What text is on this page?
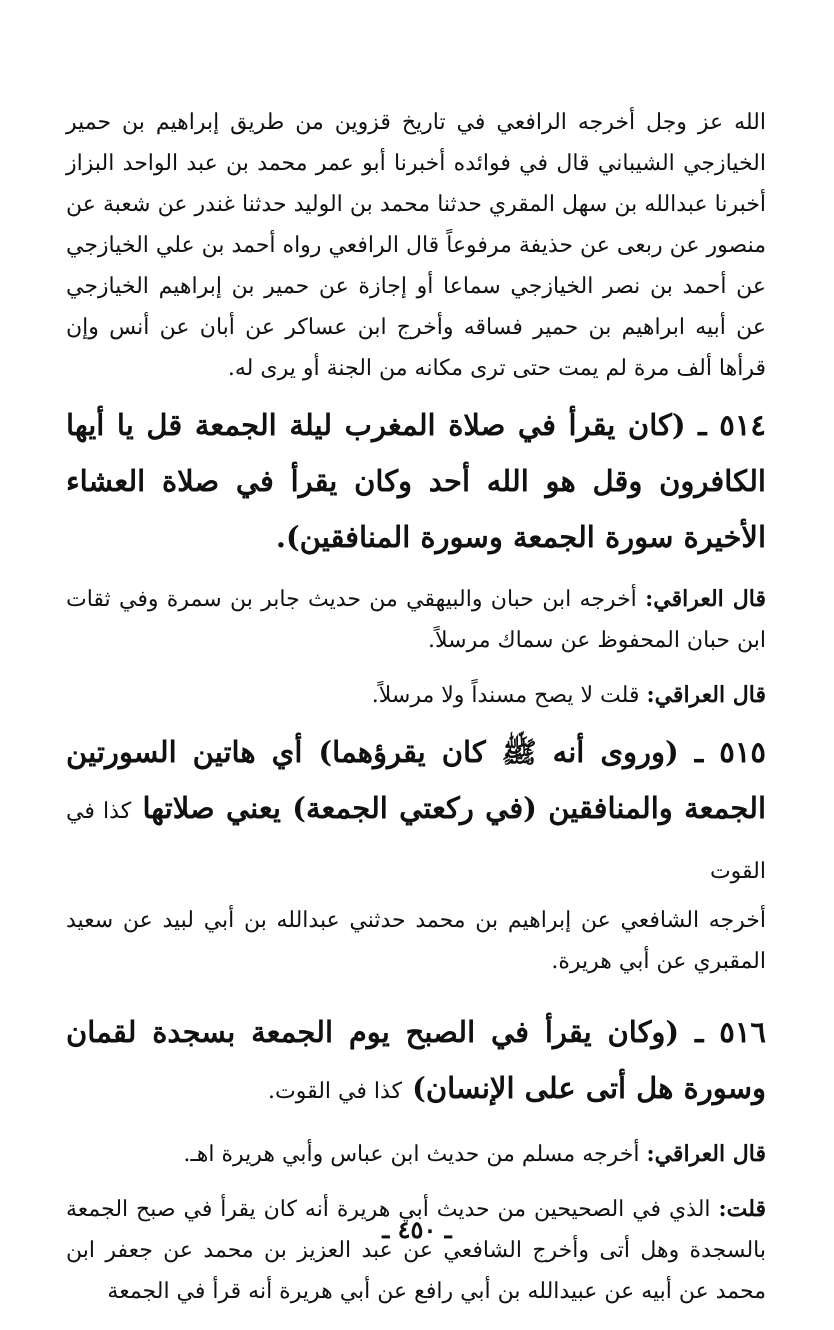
الله عز وجل أخرجه الرافعي في تاريخ قزوين من طريق إبراهيم بن حمير الخيازجي الشيباني قال في فوائده أخبرنا أبو عمر محمد بن عبد الواحد البزاز أخبرنا عبدالله بن سهل المقري حدثنا محمد بن الوليد حدثنا غندر عن شعبة عن منصور عن ربعى عن حذيفة مرفوعاً قال الرافعي رواه أحمد بن علي الخيازجي عن أحمد بن نصر الخيازجي سماعا أو إجازة عن حمير بن إبراهيم الخيازجي عن أبيه ابراهيم بن حمير فساقه وأخرج ابن عساكر عن أبان عن أنس وإن قرأها ألف مرة لم يمت حتى ترى مكانه من الجنة أو يرى له.

٥١٤ ـ (كان يقرأ في صلاة المغرب ليلة الجمعة قل يا أيها الكافرون وقل هو الله أحد وكان يقرأ في صلاة العشاء الأخيرة سورة الجمعة وسورة المنافقين).

قال العراقي: أخرجه ابن حبان والبيهقي من حديث جابر بن سمرة وفي ثقات ابن حبان المحفوظ عن سماك مرسلاً.

قال العراقي: قلت لا يصح مسنداً ولا مرسلاً.

٥١٥ ـ (وروى أنه ﷺ كان يقرؤهما) أي هاتين السورتين الجمعة والمنافقين (في ركعتي الجمعة) يعني صلاتها كذا في القوت

أخرجه الشافعي عن إبراهيم بن محمد حدثني عبدالله بن أبي لبيد عن سعيد المقبري عن أبي هريرة.

٥١٦ ـ (وكان يقرأ في الصبح يوم الجمعة بسجدة لقمان وسورة هل أتى على الإنسان) كذا في القوت.

قال العراقي: أخرجه مسلم من حديث ابن عباس وأبي هريرة اهـ.

قلت: الذي في الصحيحين من حديث أبي هريرة أنه كان يقرأ في صبح الجمعة بالسجدة وهل أتى وأخرج الشافعي عن عبد العزيز بن محمد عن جعفر ابن محمد عن أبيه عن عبيدالله بن أبي رافع عن أبي هريرة أنه قرأ في الجمعة

ـ ٤٥٠ ـ
